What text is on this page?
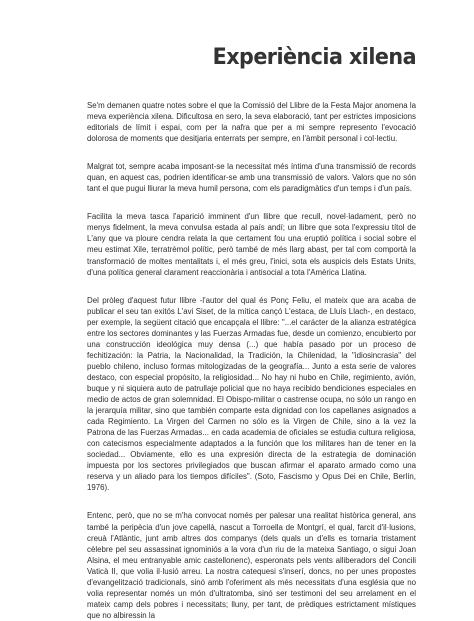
Experiència xilena

Se'm demanen quatre notes sobre el que la Comissió del Llibre de la Festa Major anomena la meva experiència xilena. Dificultosa en sero, la seva elaboració, tant per estrictes imposicions editorials de límit i espai, com per la nafra que per a mi sempre represento l'evocació dolorosa de moments que desitjaria enterrats per sempre, en l'àmbit personal i col·lectiu.

Malgrat tot, sempre acaba imposant-se la necessitat més íntima d'una transmissió de records quan, en aquest cas, podrien identificar-se amb una transmissió de valors. Valors que no són tant el que pugui lliurar la meva humil persona, com els paradigmàtics d'un temps i d'un país.

Facilita la meva tasca l'aparició imminent d'un llibre que recull, novel·ladament, però no menys fidelment, la meva convulsa estada al país andí; un llibre que sota l'expressiu títol de L'any que va ploure cendra relata la que certament fou una eruptió política i social sobre el meu estimat Xile, terratrèmol polític, però també de més llarg abast, per tal com comportà la transformació de moltes mentalitats i, el més greu, l'inici, sota els auspicis dels Estats Units, d'una política general clarament reaccionària i antisocial a tota l'Amèrica Llatina.

Del pròleg d'aquest futur llibre -l'autor del qual és Ponç Feliu, el mateix que ara acaba de publicar el seu tan exitós L'avi Siset, de la mítica cançó L'estaca, de Lluís Llach-, en destaco, per exemple, la següent citació que encapçala el llibre: "...el carácter de la alianza estratégica entre los sectores dominantes y las Fuerzas Armadas fue, desde un comienzo, encubierto por una construcción ideológica muy densa (...) que había pasado por un proceso de fechitización: la Patria, la Nacionalidad, la Tradición, la Chilenidad, la "idiosincrasia" del pueblo chileno, incluso formas mitologizadas de la geografía... Junto a esta serie de valores destaco, con especial propósito, la religiosidad... No hay ni hubo en Chile, regimiento, avión, buque y ni siquiera auto de patrullaje policial que no haya recibido bendiciones especiales en medio de actos de gran solemnidad. El Obispo-militar o castrense ocupa, no sólo un rango en la jerarquía militar, sino que también comparte esta dignidad con los capellanes asignados a cada Regimiento. La Virgen del Carmen no sólo es la Virgen de Chile, sino a la vez la Patrona de las Fuerzas Armadas... en cada academia de oficiales se estudia cultura religiosa, con catecismos especialmente adaptados a la función que los militares han de tener en la sociedad... Obviamente, ello es una expresión directa de la estrategia de dominación impuesta por los sectores privilegiados que buscan afirmar el aparato armado como una reserva y un aliado para los tiempos difíciles". (Soto, Fascismo y Opus Dei en Chile, Berlín, 1976).

Entenc, però, que no se m'ha convocat només per palesar una realitat històrica general, ans també la peripècia d'un jove capellà, nascut a Torroella de Montgrí, el qual, farcit d'il·lusions, creuà l'Atlàntic, junt amb altres dos companys (dels quals un d'ells es tornaria tristament cèlebre pel seu assassinat ignominiós a la vora d'un riu de la mateixa Santiago, o sigui Joan Alsina, el meu entranyable amic castellonenc), esperonats pels vents alliberadors del Concili Vaticà II, que volia il·lusió arreu. La nostra catequesi s'inserí, doncs, no per unes propostes d'evangelització tradicionals, sinó amb l'oferiment als més necessitats d'una església que no volia representar només un món d'ultratomba, sinó ser testimoni del seu arrelament en el mateix camp dels pobres i necessitats; lluny, per tant, de prèdiques estrictament místiques que no albiressin la
